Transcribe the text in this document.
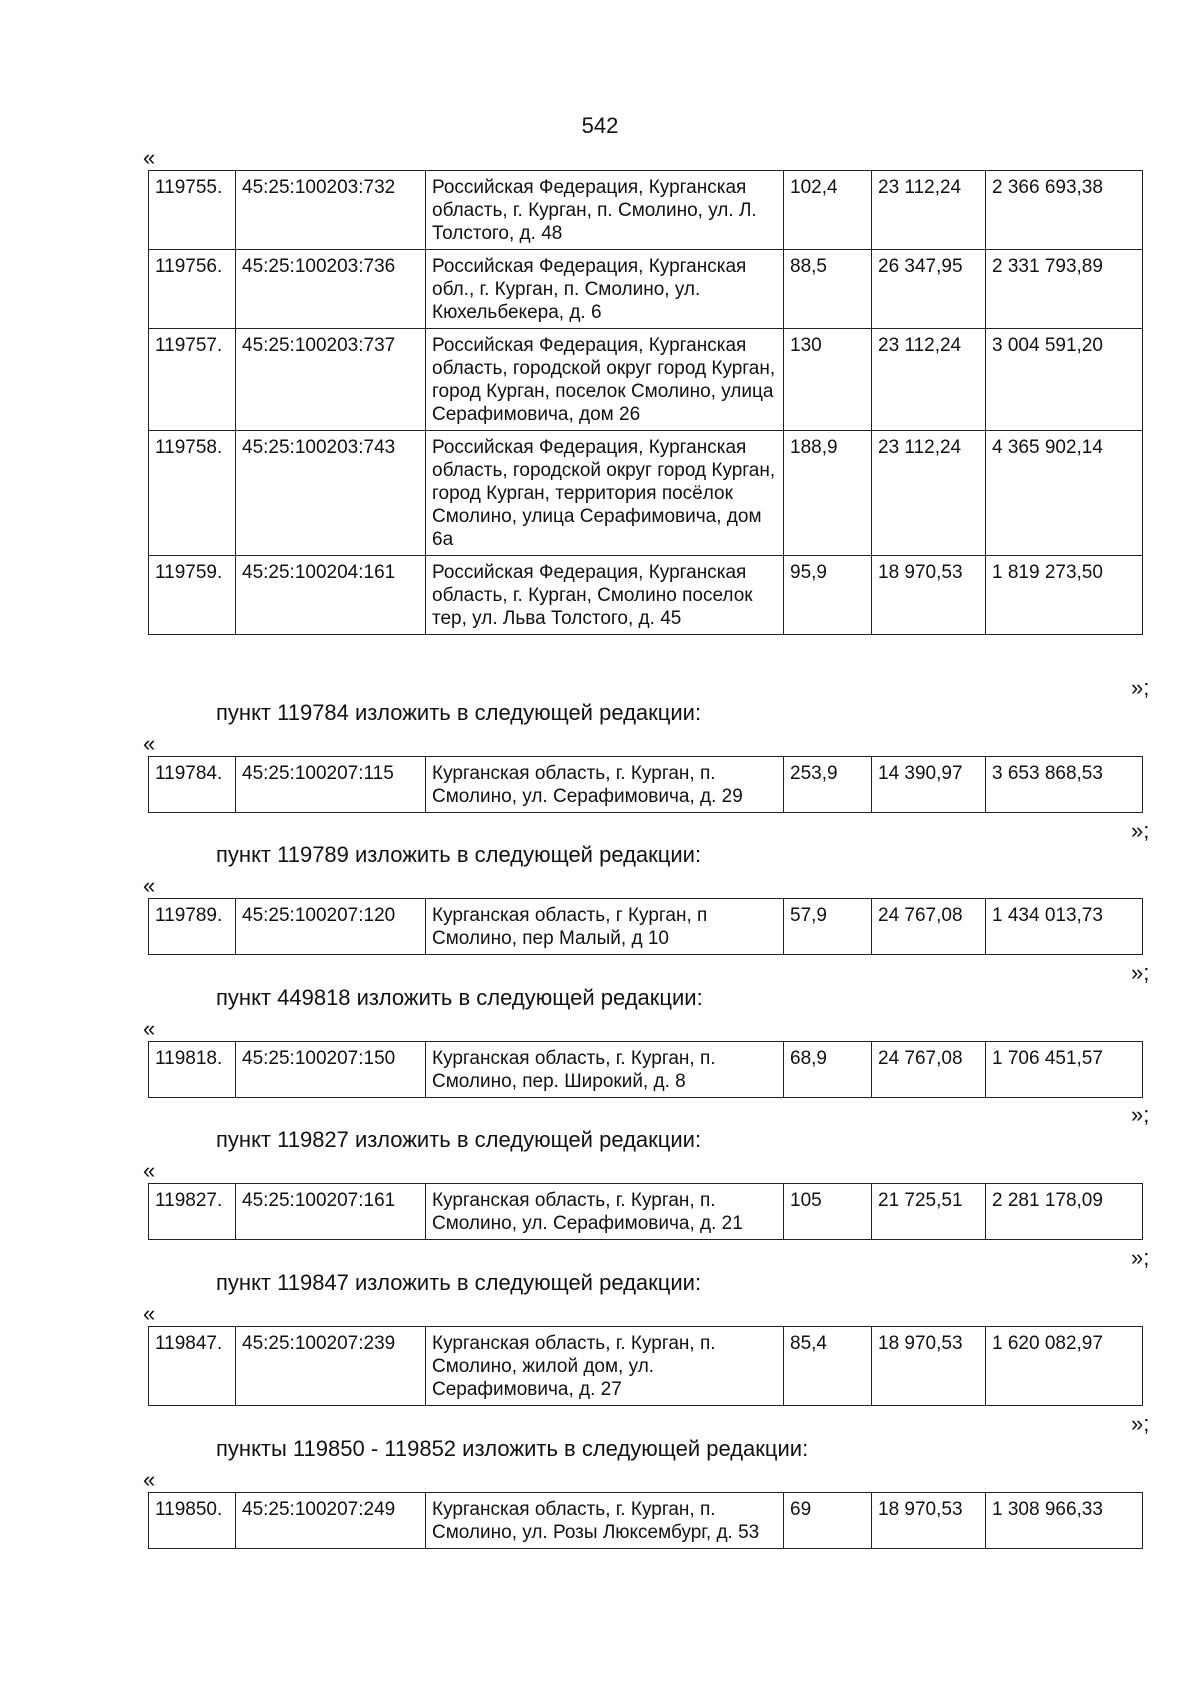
542
«
119755.	45:25:100203:732	Российская Федерация, Курганская область, г. Курган, п. Смолино, ул. Л. Толстого, д. 48	102,4	23 112,24	2 366 693,38
119756.	45:25:100203:736	Российская Федерация, Курганская обл., г. Курган, п. Смолино, ул. Кюхельбекера, д. 6	88,5	26 347,95	2 331 793,89
119757.	45:25:100203:737	Российская Федерация, Курганская область, городской округ город Курган, город Курган, поселок Смолино, улица Серафимовича, дом 26	130	23 112,24	3 004 591,20
119758.	45:25:100203:743	Российская Федерация, Курганская область, городской округ город Курган, город Курган, территория посёлок Смолино, улица Серафимовича, дом 6а	188,9	23 112,24	4 365 902,14
119759.	45:25:100204:161	Российская Федерация, Курганская область, г. Курган, Смолино поселок тер, ул. Льва Толстого, д. 45	95,9	18 970,53	1 819 273,50
»;
пункт 119784 изложить в следующей редакции:
«
119784.	45:25:100207:115	Курганская область, г. Курган, п. Смолино, ул. Серафимовича, д. 29	253,9	14 390,97	3 653 868,53
»;
пункт 119789 изложить в следующей редакции:
«
119789.	45:25:100207:120	Курганская область, г Курган, п Смолино, пер Малый, д 10	57,9	24 767,08	1 434 013,73
»;
пункт 449818 изложить в следующей редакции:
«
119818.	45:25:100207:150	Курганская область, г. Курган, п. Смолино, пер. Широкий, д. 8	68,9	24 767,08	1 706 451,57
»;
пункт 119827 изложить в следующей редакции:
«
119827.	45:25:100207:161	Курганская область, г. Курган, п. Смолино, ул. Серафимовича, д. 21	105	21 725,51	2 281 178,09
»;
пункт 119847 изложить в следующей редакции:
«
119847.	45:25:100207:239	Курганская область, г. Курган, п. Смолино, жилой дом, ул. Серафимовича, д. 27	85,4	18 970,53	1 620 082,97
»;
пункты 119850 - 119852 изложить в следующей редакции:
«
119850.	45:25:100207:249	Курганская область, г. Курган, п. Смолино, ул. Розы Люксембург, д. 53	69	18 970,53	1 308 966,33
